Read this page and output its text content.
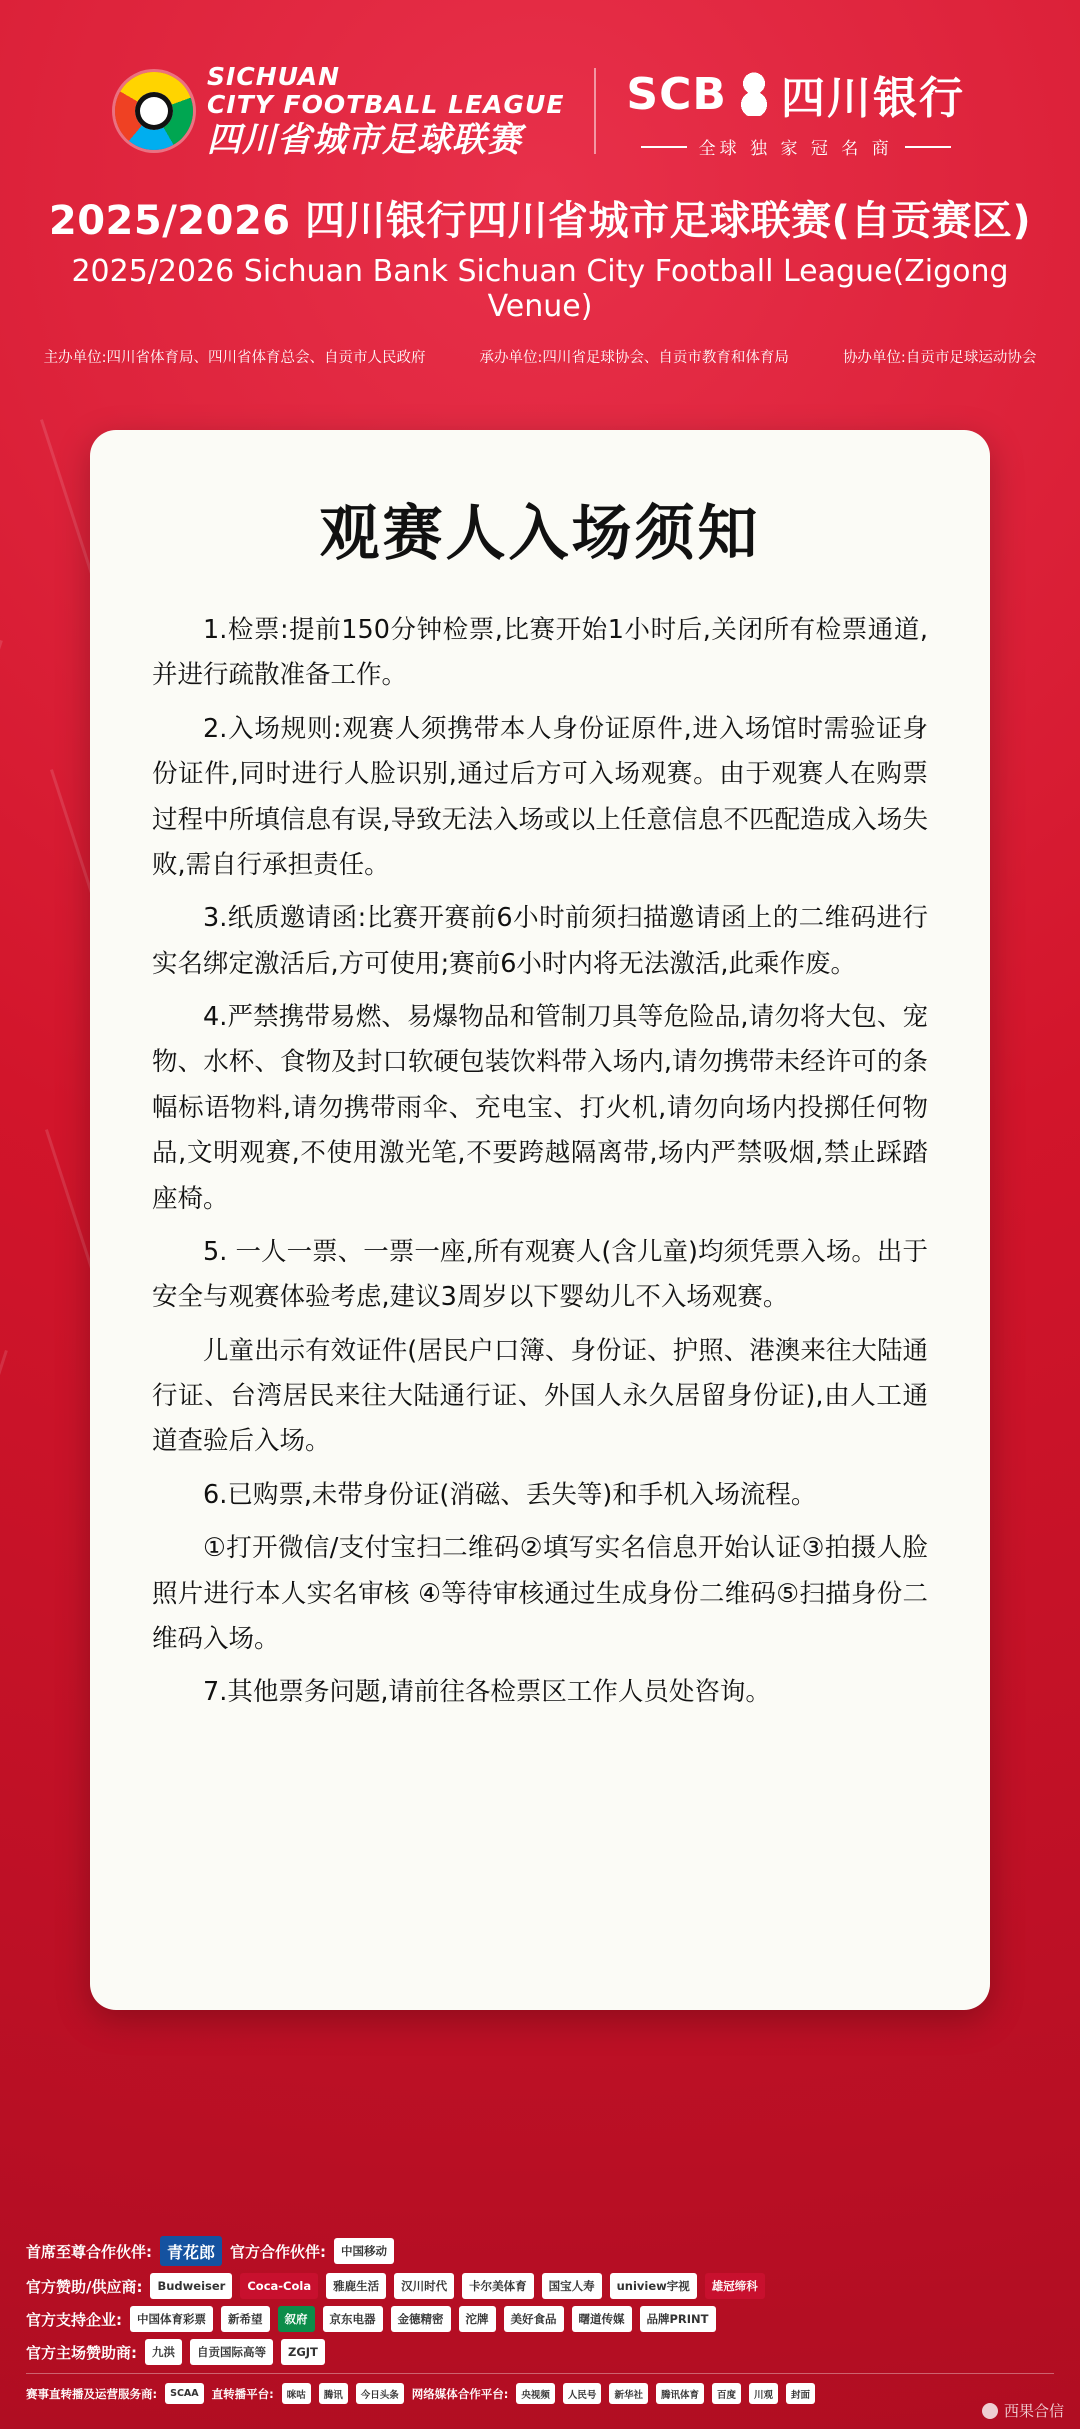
SICHUAN
CITY FOOTBALL LEAGUE
四川省城市足球联赛
SCB 四川银行
全球 独 家 冠 名 商
2025/2026 四川银行四川省城市足球联赛(自贡赛区)
2025/2026 Sichuan Bank Sichuan City Football League(Zigong Venue)
主办单位:四川省体育局、四川省体育总会、自贡市人民政府	承办单位:四川省足球协会、自贡市教育和体育局	协办单位:自贡市足球运动协会
观赛人入场须知

1.检票:提前150分钟检票,比赛开始1小时后,关闭所有检票通道,并进行疏散准备工作。

2.入场规则:观赛人须携带本人身份证原件,进入场馆时需验证身份证件,同时进行人脸识别,通过后方可入场观赛。由于观赛人在购票过程中所填信息有误,导致无法入场或以上任意信息不匹配造成入场失败,需自行承担责任。

3.纸质邀请函:比赛开赛前6小时前须扫描邀请函上的二维码进行实名绑定激活后,方可使用;赛前6小时内将无法激活,此乘作废。

4.严禁携带易燃、易爆物品和管制刀具等危险品,请勿将大包、宠物、水杯、食物及封口软硬包装饮料带入场内,请勿携带未经许可的条幅标语物料,请勿携带雨伞、充电宝、打火机,请勿向场内投掷任何物品,文明观赛,不使用激光笔,不要跨越隔离带,场内严禁吸烟,禁止踩踏座椅。

5. 一人一票、一票一座,所有观赛人(含儿童)均须凭票入场。出于安全与观赛体验考虑,建议3周岁以下婴幼儿不入场观赛。

儿童出示有效证件(居民户口簿、身份证、护照、港澳来往大陆通行证、台湾居民来往大陆通行证、外国人永久居留身份证),由人工通道查验后入场。

6.已购票,未带身份证(消磁、丢失等)和手机入场流程。

①打开微信/支付宝扫二维码②填写实名信息开始认证③拍摄人脸照片进行本人实名审核 ④等待审核通过生成身份二维码⑤扫描身份二维码入场。

7.其他票务问题,请前往各检票区工作人员处咨询。

首席至尊合作伙伴: 青花郎	官方合作伙伴:	中国移动
官方赞助/供应商:	Budweiser	Coca-Cola	雅鹿生活	汉川时代	卡尔美体育	国宝人寿	uniview宇视	雄冠缔科
官方支持企业:	中国体育彩票	新希望	叙府	京东电器	金德精密	沱牌	美好食品	曙道传媒	品牌PRINT
官方主场赞助商:	九洪	自贡国际高等	ZGJT
赛事直转播及运营服务商:	SCAA	直转播平台:	咪咕	腾讯	今日头条	网络媒体合作平台:	央视频	人民号	新华社	腾讯体育	百度	川观	封面
西果合信
